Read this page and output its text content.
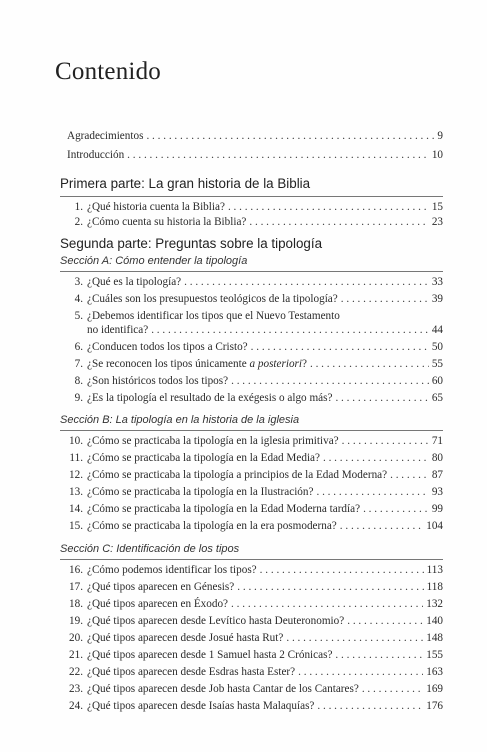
Contenido
Agradecimientos . . .	9
Introducción . . .	10
Primera parte: La gran historia de la Biblia
1. ¿Qué historia cuenta la Biblia? . . .	15
2. ¿Cómo cuenta su historia la Biblia? . . .	23
Segunda parte: Preguntas sobre la tipología
Sección A: Cómo entender la tipología
3. ¿Qué es la tipología? . . .	33
4. ¿Cuáles son los presupuestos teológicos de la tipología? . . .	39
5. ¿Debemos identificar los tipos que el Nuevo Testamento
no identifica? . . .	44
6. ¿Conducen todos los tipos a Cristo? . . .	50
7. ¿Se reconocen los tipos únicamente a posteriori? . . .	55
8. ¿Son históricos todos los tipos? . . .	60
9. ¿Es la tipología el resultado de la exégesis o algo más? . . .	65
Sección B: La tipología en la historia de la iglesia
10. ¿Cómo se practicaba la tipología en la iglesia primitiva? . . .	71
11. ¿Cómo se practicaba la tipología en la Edad Media? . . .	80
12. ¿Cómo se practicaba la tipología a principios de la Edad Moderna? . . .	87
13. ¿Cómo se practicaba la tipología en la Ilustración? . . .	93
14. ¿Cómo se practicaba la tipología en la Edad Moderna tardía? . . .	99
15. ¿Cómo se practicaba la tipología en la era posmoderna? . . .	104
Sección C: Identificación de los tipos
16. ¿Cómo podemos identificar los tipos? . . .	113
17. ¿Qué tipos aparecen en Génesis? . . .	118
18. ¿Qué tipos aparecen en Éxodo? . . .	132
19. ¿Qué tipos aparecen desde Levítico hasta Deuteronomio? . . .	140
20. ¿Qué tipos aparecen desde Josué hasta Rut? . . .	148
21. ¿Qué tipos aparecen desde 1 Samuel hasta 2 Crónicas? . . .	155
22. ¿Qué tipos aparecen desde Esdras hasta Ester? . . .	163
23. ¿Qué tipos aparecen desde Job hasta Cantar de los Cantares? . . .	169
24. ¿Qué tipos aparecen desde Isaías hasta Malaquías? . . .	176
